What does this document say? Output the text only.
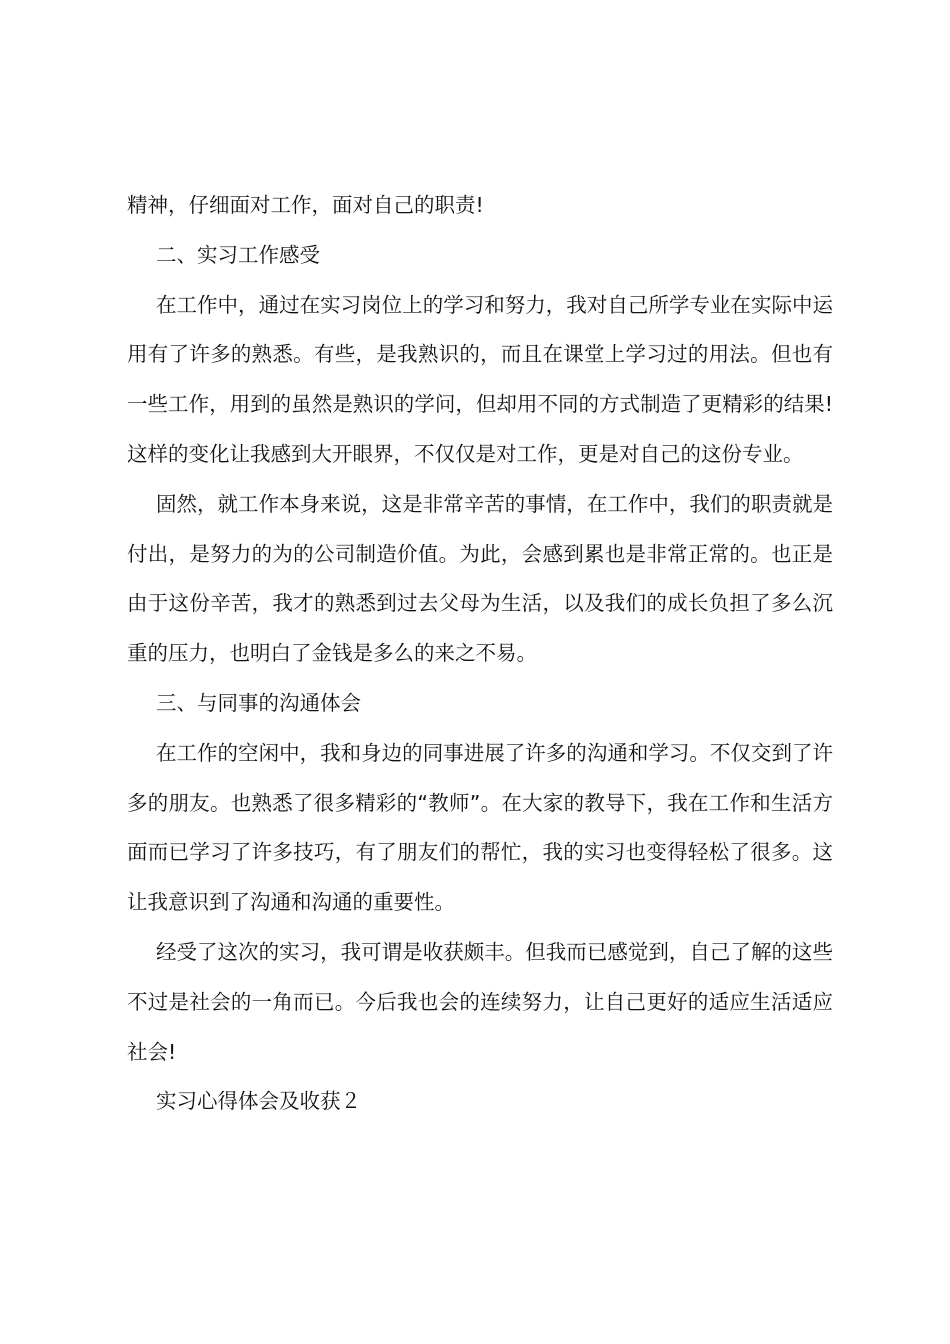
精神，仔细面对工作，面对自己的职责!

二、实习工作感受

在工作中，通过在实习岗位上的学习和努力，我对自己所学专业在实际中运用有了许多的熟悉。有些，是我熟识的，而且在课堂上学习过的用法。但也有一些工作，用到的虽然是熟识的学问，但却用不同的方式制造了更精彩的结果!这样的变化让我感到大开眼界，不仅仅是对工作，更是对自己的这份专业。

固然，就工作本身来说，这是非常辛苦的事情，在工作中，我们的职责就是付出，是努力的为的公司制造价值。为此，会感到累也是非常正常的。也正是由于这份辛苦，我才的熟悉到过去父母为生活，以及我们的成长负担了多么沉重的压力，也明白了金钱是多么的来之不易。

三、与同事的沟通体会

在工作的空闲中，我和身边的同事进展了许多的沟通和学习。不仅交到了许多的朋友。也熟悉了很多精彩的“教师”。在大家的教导下，我在工作和生活方面而已学习了许多技巧，有了朋友们的帮忙，我的实习也变得轻松了很多。这让我意识到了沟通和沟通的重要性。

经受了这次的实习，我可谓是收获颇丰。但我而已感觉到，自己了解的这些不过是社会的一角而已。今后我也会的连续努力，让自己更好的适应生活适应社会!

实习心得体会及收获２
